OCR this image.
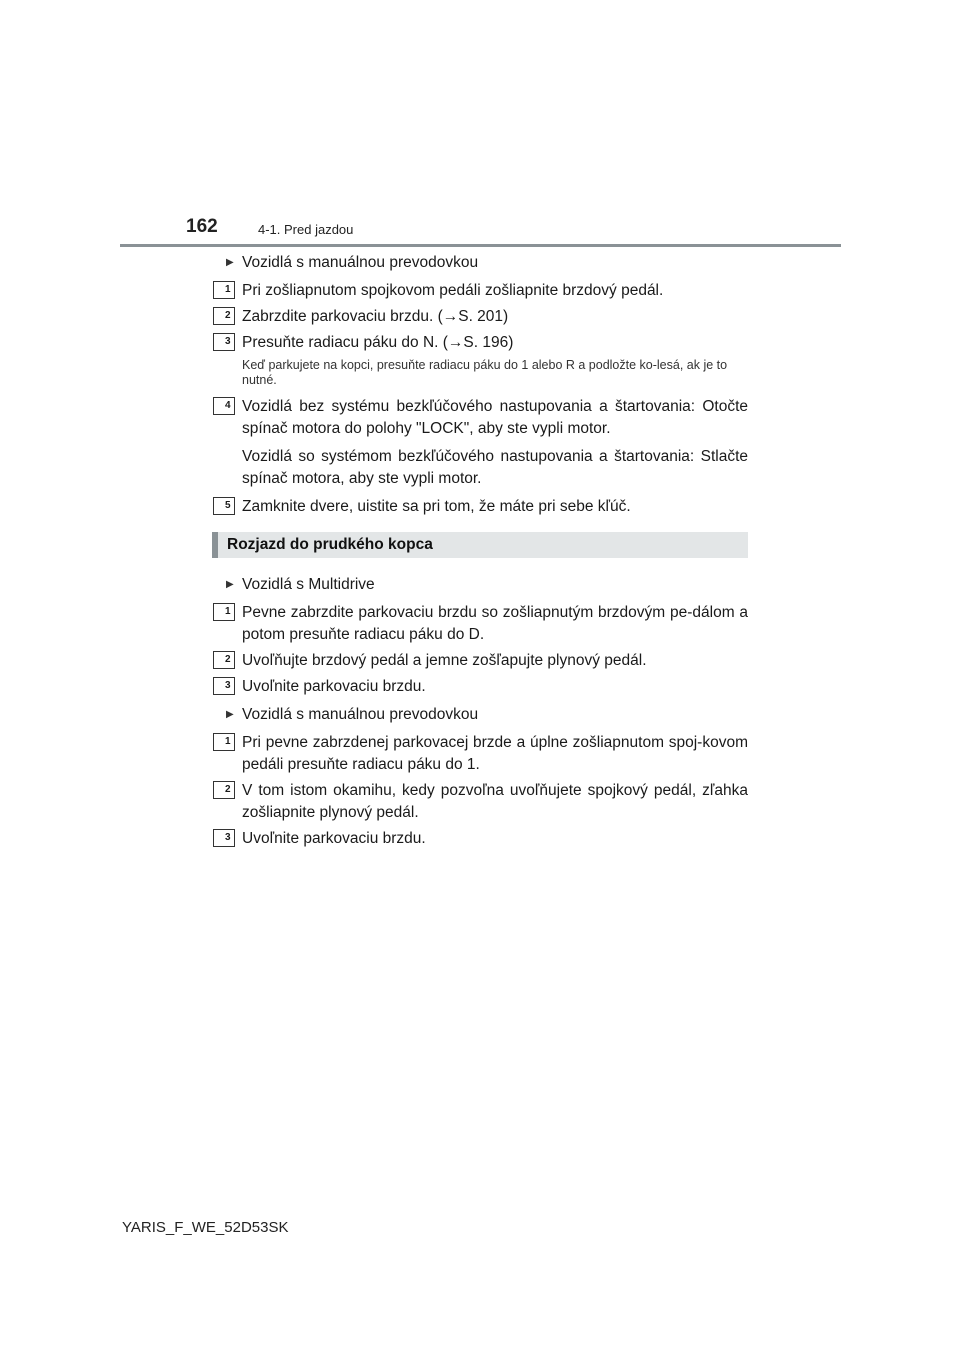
162	4-1. Pred jazdou
▶ Vozidlá s manuálnou prevodovkou
1 Pri zošliapnutom spojkovom pedáli zošliapnite brzdový pedál.
2 Zabrzdite parkovaciu brzdu. (→S. 201)
3 Presuňte radiacu páku do N. (→S. 196)
Keď parkujete na kopci, presuňte radiacu páku do 1 alebo R a podložte ko-lesá, ak je to nutné.
4 Vozidlá bez systému bezkľúčového nastupovania a štartovania: Otočte spínač motora do polohy "LOCK", aby ste vypli motor.
Vozidlá so systémom bezkľúčového nastupovania a štartovania: Stlačte spínač motora, aby ste vypli motor.
5 Zamknite dvere, uistite sa pri tom, že máte pri sebe kľúč.
Rozjazd do prudkého kopca
▶ Vozidlá s Multidrive
1 Pevne zabrzdite parkovaciu brzdu so zošliapnutým brzdovým pe-dálom a potom presuňte radiacu páku do D.
2 Uvoľňujte brzdový pedál a jemne zošľapujte plynový pedál.
3 Uvoľnite parkovaciu brzdu.
▶ Vozidlá s manuálnou prevodovkou
1 Pri pevne zabrzdenej parkovacej brzde a úplne zošliapnutom spoj-kovom pedáli presuňte radiacu páku do 1.
2 V tom istom okamihu, kedy pozvoľna uvoľňujete spojkový pedál, zľahka zošliapnite plynový pedál.
3 Uvoľnite parkovaciu brzdu.
YARIS_F_WE_52D53SK
